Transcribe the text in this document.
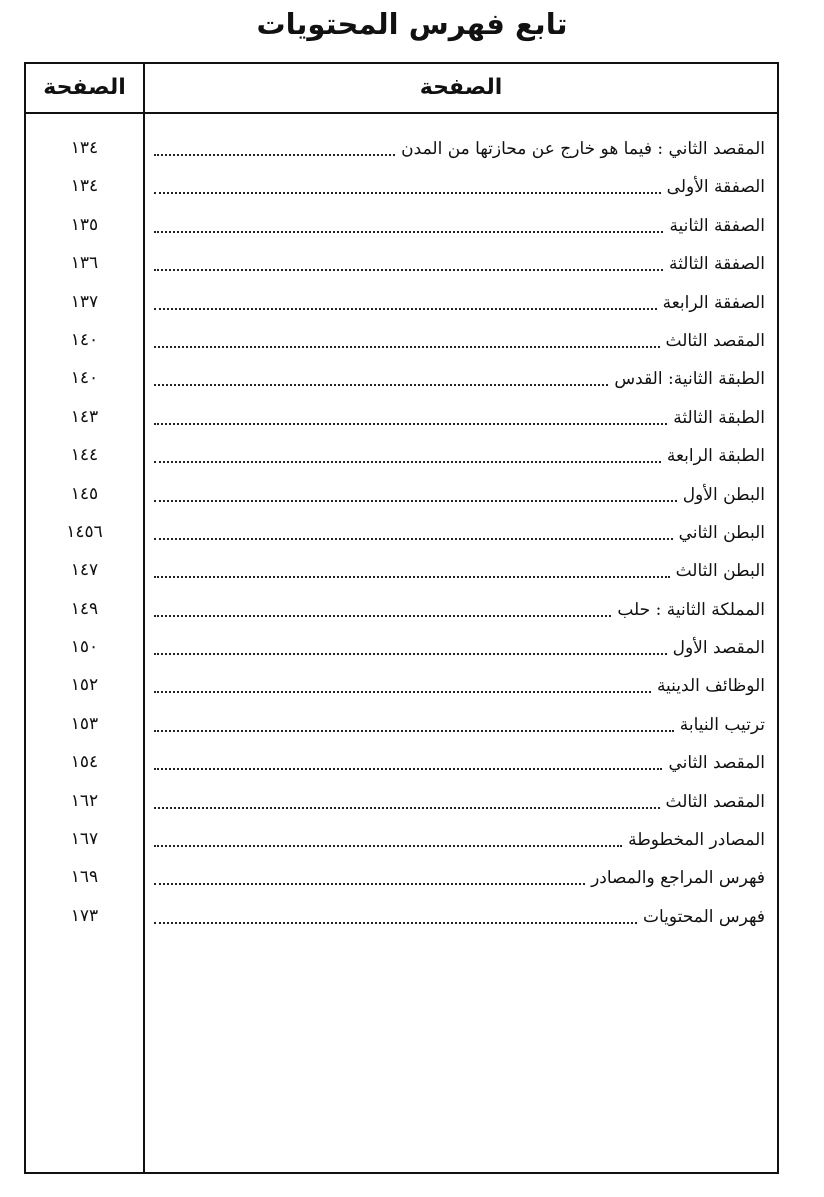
تابع فهرس المحتويات
الصفحة	الصفحة
١٣٤	المقصد الثاني : فيما هو خارج عن محازتها من المدن
١٣٤	الصفقة الأولى
١٣٥	الصفقة الثانية
١٣٦	الصفقة الثالثة
١٣٧	الصفقة الرابعة
١٤٠	المقصد الثالث
١٤٠	الطبقة الثانية: القدس
١٤٣	الطبقة الثالثة
١٤٤	الطبقة الرابعة
١٤٥	البطن الأول
١٤٥٦	البطن الثاني
١٤٧	البطن الثالث
١٤٩	المملكة الثانية : حلب
١٥٠	المقصد الأول
١٥٢	الوظائف الدينية
١٥٣	ترتيب النيابة
١٥٤	المقصد الثاني
١٦٢	المقصد الثالث
١٦٧	المصادر المخطوطة
١٦٩	فهرس المراجع والمصادر
١٧٣	فهرس المحتويات
